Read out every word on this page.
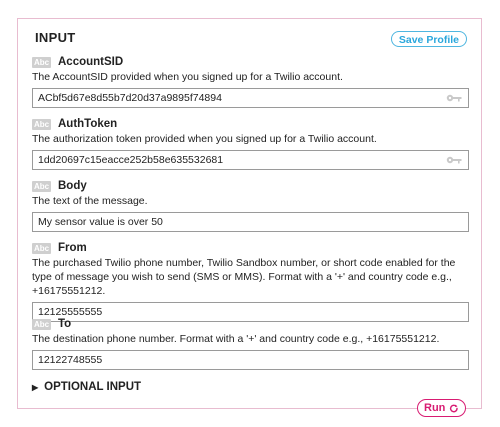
INPUT	Save Profile
Abc AccountSID
The AccountSID provided when you signed up for a Twilio account.
ACbf5d67e8d55b7d20d37a9895f74894
Abc AuthToken
The authorization token provided when you signed up for a Twilio account.
1dd20697c15eacce252b58e635532681
Abc Body
The text of the message.
My sensor value is over 50
Abc From
The purchased Twilio phone number, Twilio Sandbox number, or short code enabled for the type of message you wish to send (SMS or MMS). Format with a '+' and country code e.g., +16175551212.
12125555555
Abc To
The destination phone number. Format with a '+' and country code e.g., +16175551212.
12122748555
▶ OPTIONAL INPUT
Run
